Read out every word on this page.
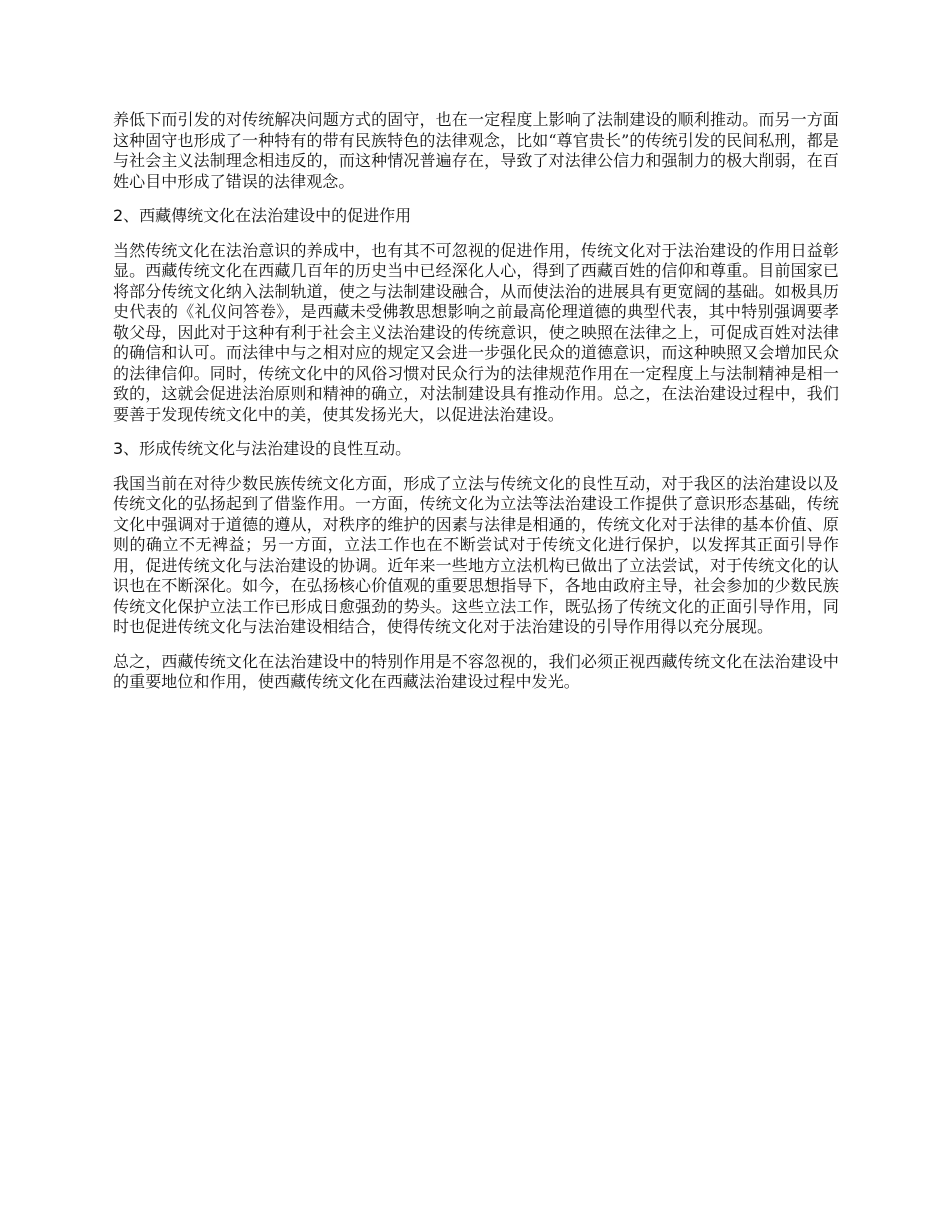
养低下而引发的对传统解决问题方式的固守，也在一定程度上影响了法制建设的顺利推动。而另一方面这种固守也形成了一种特有的带有民族特色的法律观念，比如“尊官贵长”的传统引发的民间私刑，都是与社会主义法制理念相违反的，而这种情况普遍存在，导致了对法律公信力和强制力的极大削弱，在百姓心目中形成了错误的法律观念。

2、西藏傳统文化在法治建设中的促进作用

当然传统文化在法治意识的养成中，也有其不可忽视的促进作用，传统文化对于法治建设的作用日益彰显。西藏传统文化在西藏几百年的历史当中已经深化人心，得到了西藏百姓的信仰和尊重。目前国家已将部分传统文化纳入法制轨道，使之与法制建设融合，从而使法治的进展具有更宽阔的基础。如极具历史代表的《礼仪问答卷》，是西藏未受佛教思想影响之前最高伦理道德的典型代表，其中特别强调要孝敬父母，因此对于这种有利于社会主义法治建设的传统意识，使之映照在法律之上，可促成百姓对法律的确信和认可。而法律中与之相对应的规定又会进一步强化民众的道德意识，而这种映照又会增加民众的法律信仰。同时，传统文化中的风俗习惯对民众行为的法律规范作用在一定程度上与法制精神是相一致的，这就会促进法治原则和精神的确立，对法制建设具有推动作用。总之，在法治建设过程中，我们要善于发现传统文化中的美，使其发扬光大，以促进法治建设。

3、形成传统文化与法治建设的良性互动。

我国当前在对待少数民族传统文化方面，形成了立法与传统文化的良性互动，对于我区的法治建设以及传统文化的弘扬起到了借鉴作用。一方面，传统文化为立法等法治建设工作提供了意识形态基础，传统文化中强调对于道德的遵从，对秩序的维护的因素与法律是相通的，传统文化对于法律的基本价值、原则的确立不无裨益；另一方面，立法工作也在不断尝试对于传统文化进行保护，以发挥其正面引导作用，促进传统文化与法治建设的协调。近年来一些地方立法机构已做出了立法尝试，对于传统文化的认识也在不断深化。如今，在弘扬核心价值观的重要思想指导下，各地由政府主导，社会参加的少数民族传统文化保护立法工作已形成日愈强劲的势头。这些立法工作，既弘扬了传统文化的正面引导作用，同时也促进传统文化与法治建设相结合，使得传统文化对于法治建设的引导作用得以充分展现。

总之，西藏传统文化在法治建设中的特别作用是不容忽视的，我们必须正视西藏传统文化在法治建设中的重要地位和作用，使西藏传统文化在西藏法治建设过程中发光。
